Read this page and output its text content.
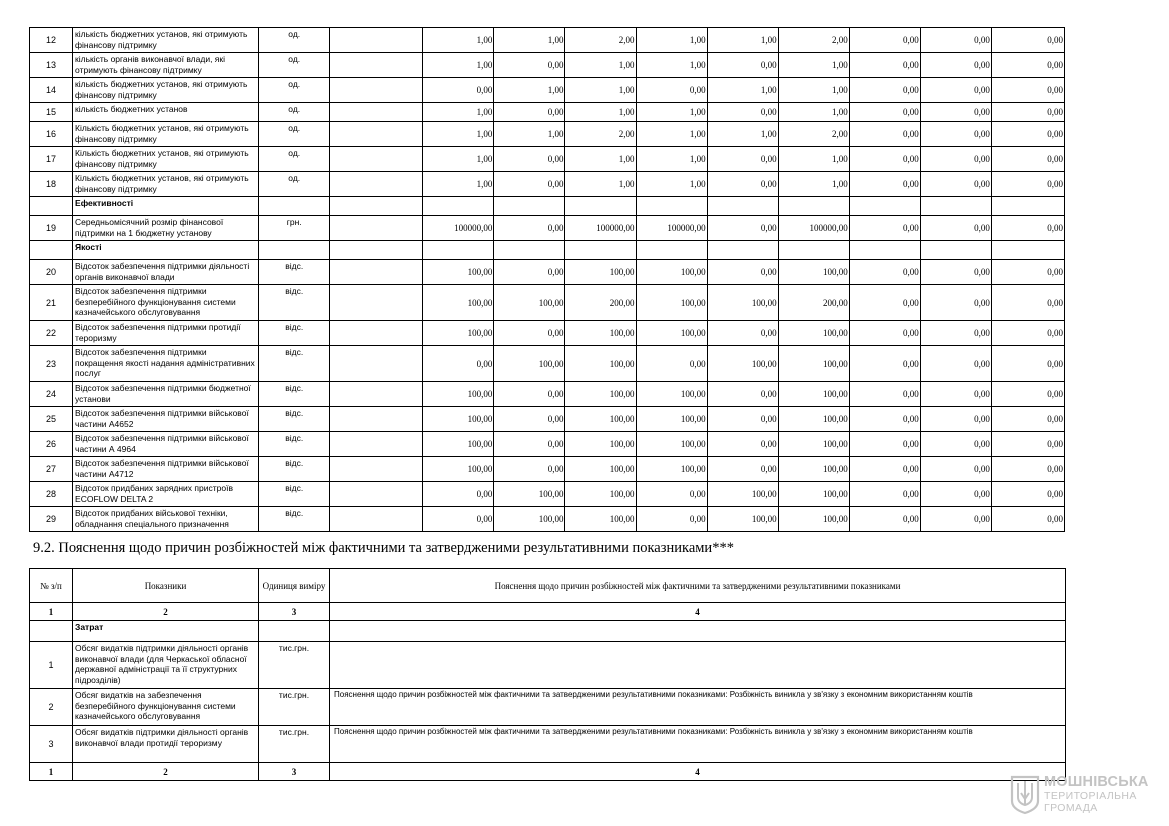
12	кількість бюджетних установ, які отримують фінансову підтримку	од.		1,00	1,00	2,00	1,00	1,00	2,00	0,00	0,00	0,00
13	кількість органів виконавчої влади, які отримують фінансову підтримку	од.		1,00	0,00	1,00	1,00	0,00	1,00	0,00	0,00	0,00
14	кількість бюджетних установ, які отримують фінансову підтримку	од.		0,00	1,00	1,00	0,00	1,00	1,00	0,00	0,00	0,00
15	кількість бюджетних установ	од.		1,00	0,00	1,00	1,00	0,00	1,00	0,00	0,00	0,00
16	Кількість бюджетних установ, які отримують фінансову підтримку	од.		1,00	1,00	2,00	1,00	1,00	2,00	0,00	0,00	0,00
17	Кількість бюджетних установ, які отримують фінансову підтримку	од.		1,00	0,00	1,00	1,00	0,00	1,00	0,00	0,00	0,00
18	Кількість бюджетних установ, які отримують фінансову підтримку	од.		1,00	0,00	1,00	1,00	0,00	1,00	0,00	0,00	0,00
	Ефективності											
19	Середньомісячний розмір фінансової підтримки на 1 бюджетну установу	грн.		100000,00	0,00	100000,00	100000,00	0,00	100000,00	0,00	0,00	0,00
	Якості											
20	Відсоток забезпечення підтримки діяльності органів виконавчої влади	відс.		100,00	0,00	100,00	100,00	0,00	100,00	0,00	0,00	0,00
21	Відсоток забезпечення підтримки безперебійного функціонування системи казначейського обслуговування	відс.		100,00	100,00	200,00	100,00	100,00	200,00	0,00	0,00	0,00
22	Відсоток забезпечення підтримки протидії тероризму	відс.		100,00	0,00	100,00	100,00	0,00	100,00	0,00	0,00	0,00
23	Відсоток забезпечення підтримки покращення якості надання адміністративних послуг	відс.		0,00	100,00	100,00	0,00	100,00	100,00	0,00	0,00	0,00
24	Відсоток забезпечення підтримки бюджетної установи	відс.		100,00	0,00	100,00	100,00	0,00	100,00	0,00	0,00	0,00
25	Відсоток забезпечення підтримки військової частини А4652	відс.		100,00	0,00	100,00	100,00	0,00	100,00	0,00	0,00	0,00
26	Відсоток забезпечення підтримки військової частини А 4964	відс.		100,00	0,00	100,00	100,00	0,00	100,00	0,00	0,00	0,00
27	Відсоток забезпечення підтримки військової частини А4712	відс.		100,00	0,00	100,00	100,00	0,00	100,00	0,00	0,00	0,00
28	Відсоток придбаних зарядних пристроїв ECOFLOW DELTA 2	відс.		0,00	100,00	100,00	0,00	100,00	100,00	0,00	0,00	0,00
29	Відсоток придбаних військової техніки, обладнання спеціального призначення	відс.		0,00	100,00	100,00	0,00	100,00	100,00	0,00	0,00	0,00
9.2. Пояснення щодо причин розбіжностей між фактичними та затвердженими результативними показниками***
№ з/п	Показники	Одиниця виміру	Пояснення щодо причин розбіжностей між фактичними та затвердженими результативними показниками
1	2	3	4
	Затрат		
1	Обсяг видатків підтримки діяльності органів виконавчої влади (для Черкаської обласної державної адміністрації та її структурних підрозділів)	тис.грн.	
2	Обсяг видатків на забезпечення безперебійного функціонування системи казначейського обслуговування	тис.грн.	Пояснення щодо причин розбіжностей між фактичними та затвердженими результативними показниками: Розбіжність виникла у зв'язку з економним використанням коштів
3	Обсяг видатків підтримки діяльності органів виконавчої влади протидії тероризму	тис.грн.	Пояснення щодо причин розбіжностей між фактичними та затвердженими результативними показниками: Розбіжність виникла у зв'язку з економним використанням коштів
1	2	3	4
МОШНІВСЬКА
ТЕРИТОРІАЛЬНА
ГРОМАДА
